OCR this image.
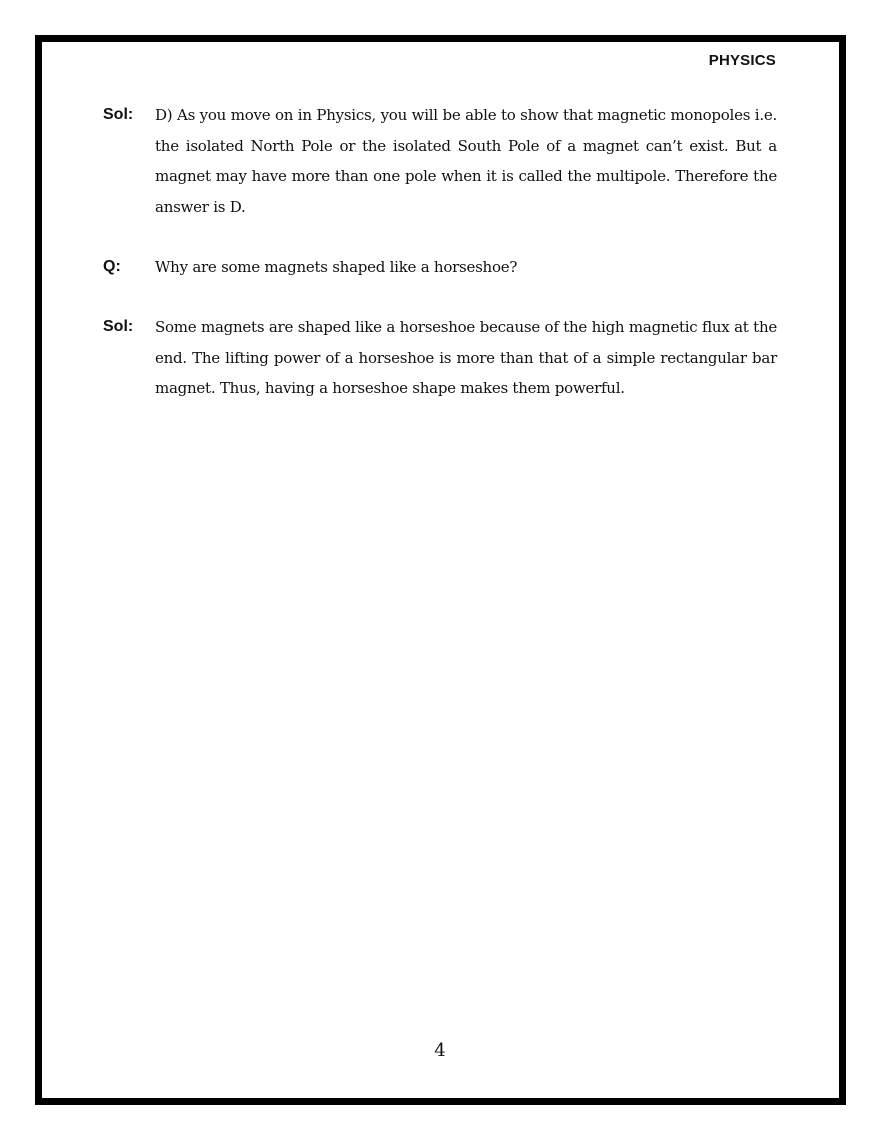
PHYSICS
Sol: D) As you move on in Physics, you will be able to show that magnetic monopoles i.e. the isolated North Pole or the isolated South Pole of a magnet can’t exist. But a magnet may have more than one pole when it is called the multipole. Therefore the answer is D.
Q: Why are some magnets shaped like a horseshoe?
Sol: Some magnets are shaped like a horseshoe because of the high magnetic flux at the end. The lifting power of a horseshoe is more than that of a simple rectangular bar magnet. Thus, having a horseshoe shape makes them powerful.
4
